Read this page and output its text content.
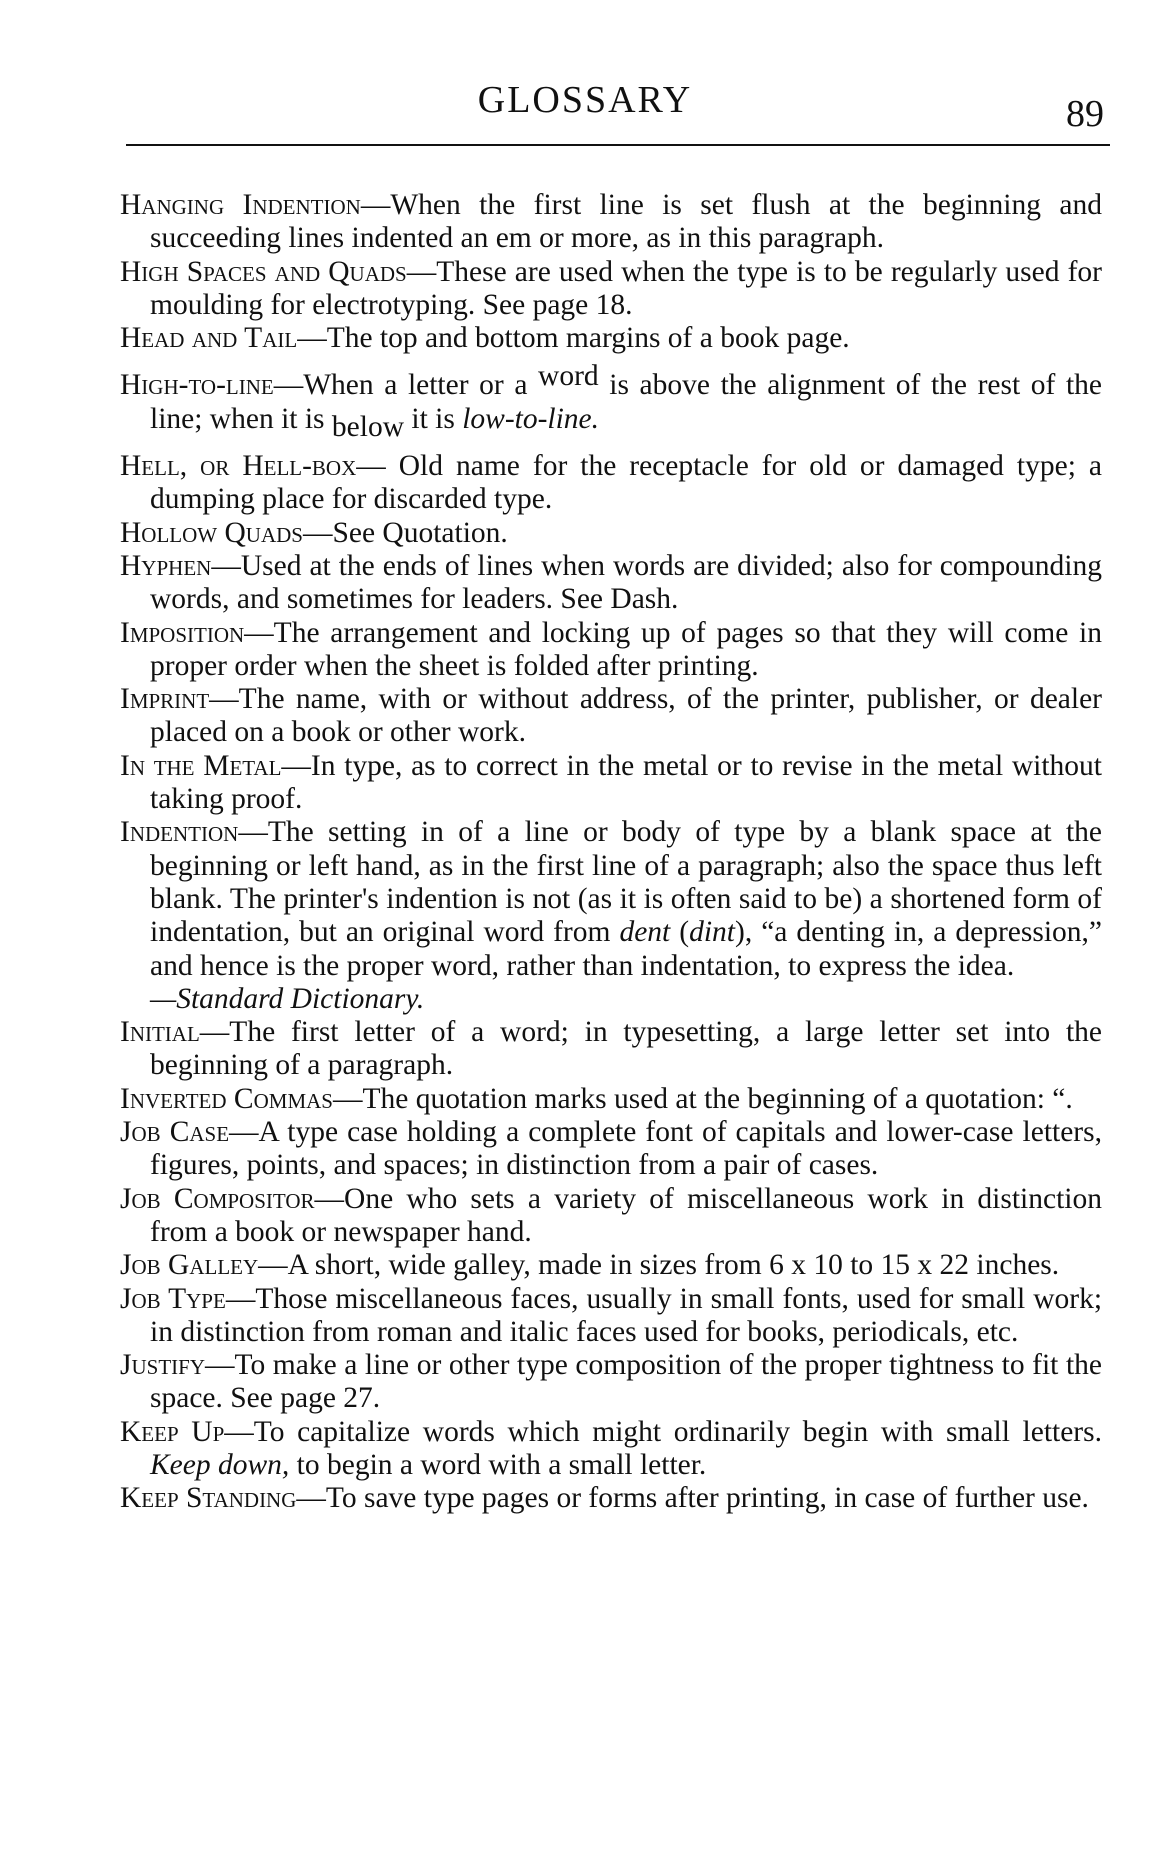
GLOSSARY	89

Hanging Indention—When the first line is set flush at the beginning and succeeding lines indented an em or more, as in this paragraph.

High Spaces and Quads—These are used when the type is to be regularly used for moulding for electrotyping. See page 18.

Head and Tail—The top and bottom margins of a book page.

High-to-line—When a letter or a word is above the alignment of the rest of the line; when it is below it is low-to-line.

Hell, or Hell-box— Old name for the receptacle for old or damaged type; a dumping place for discarded type.

Hollow Quads—See Quotation.

Hyphen—Used at the ends of lines when words are divided; also for compounding words, and sometimes for leaders. See Dash.

Imposition—The arrangement and locking up of pages so that they will come in proper order when the sheet is folded after printing.

Imprint—The name, with or without address, of the printer, publisher, or dealer placed on a book or other work.

In the Metal—In type, as to correct in the metal or to revise in the metal without taking proof.

Indention—The setting in of a line or body of type by a blank space at the beginning or left hand, as in the first line of a paragraph; also the space thus left blank. The printer's indention is not (as it is often said to be) a shortened form of indentation, but an original word from dent (dint), “a denting in, a depression,” and hence is the proper word, rather than indentation, to express the idea.

—Standard Dictionary.

Initial—The first letter of a word; in typesetting, a large letter set into the beginning of a paragraph.

Inverted Commas—The quotation marks used at the beginning of a quotation: “.

Job Case—A type case holding a complete font of capitals and lower-case letters, figures, points, and spaces; in distinction from a pair of cases.

Job Compositor—One who sets a variety of miscellaneous work in distinction from a book or newspaper hand.

Job Galley—A short, wide galley, made in sizes from 6 x 10 to 15 x 22 inches.

Job Type—Those miscellaneous faces, usually in small fonts, used for small work; in distinction from roman and italic faces used for books, periodicals, etc.

Justify—To make a line or other type composition of the proper tightness to fit the space. See page 27.

Keep Up—To capitalize words which might ordinarily begin with small letters. Keep down, to begin a word with a small letter.

Keep Standing—To save type pages or forms after printing, in case of further use.
